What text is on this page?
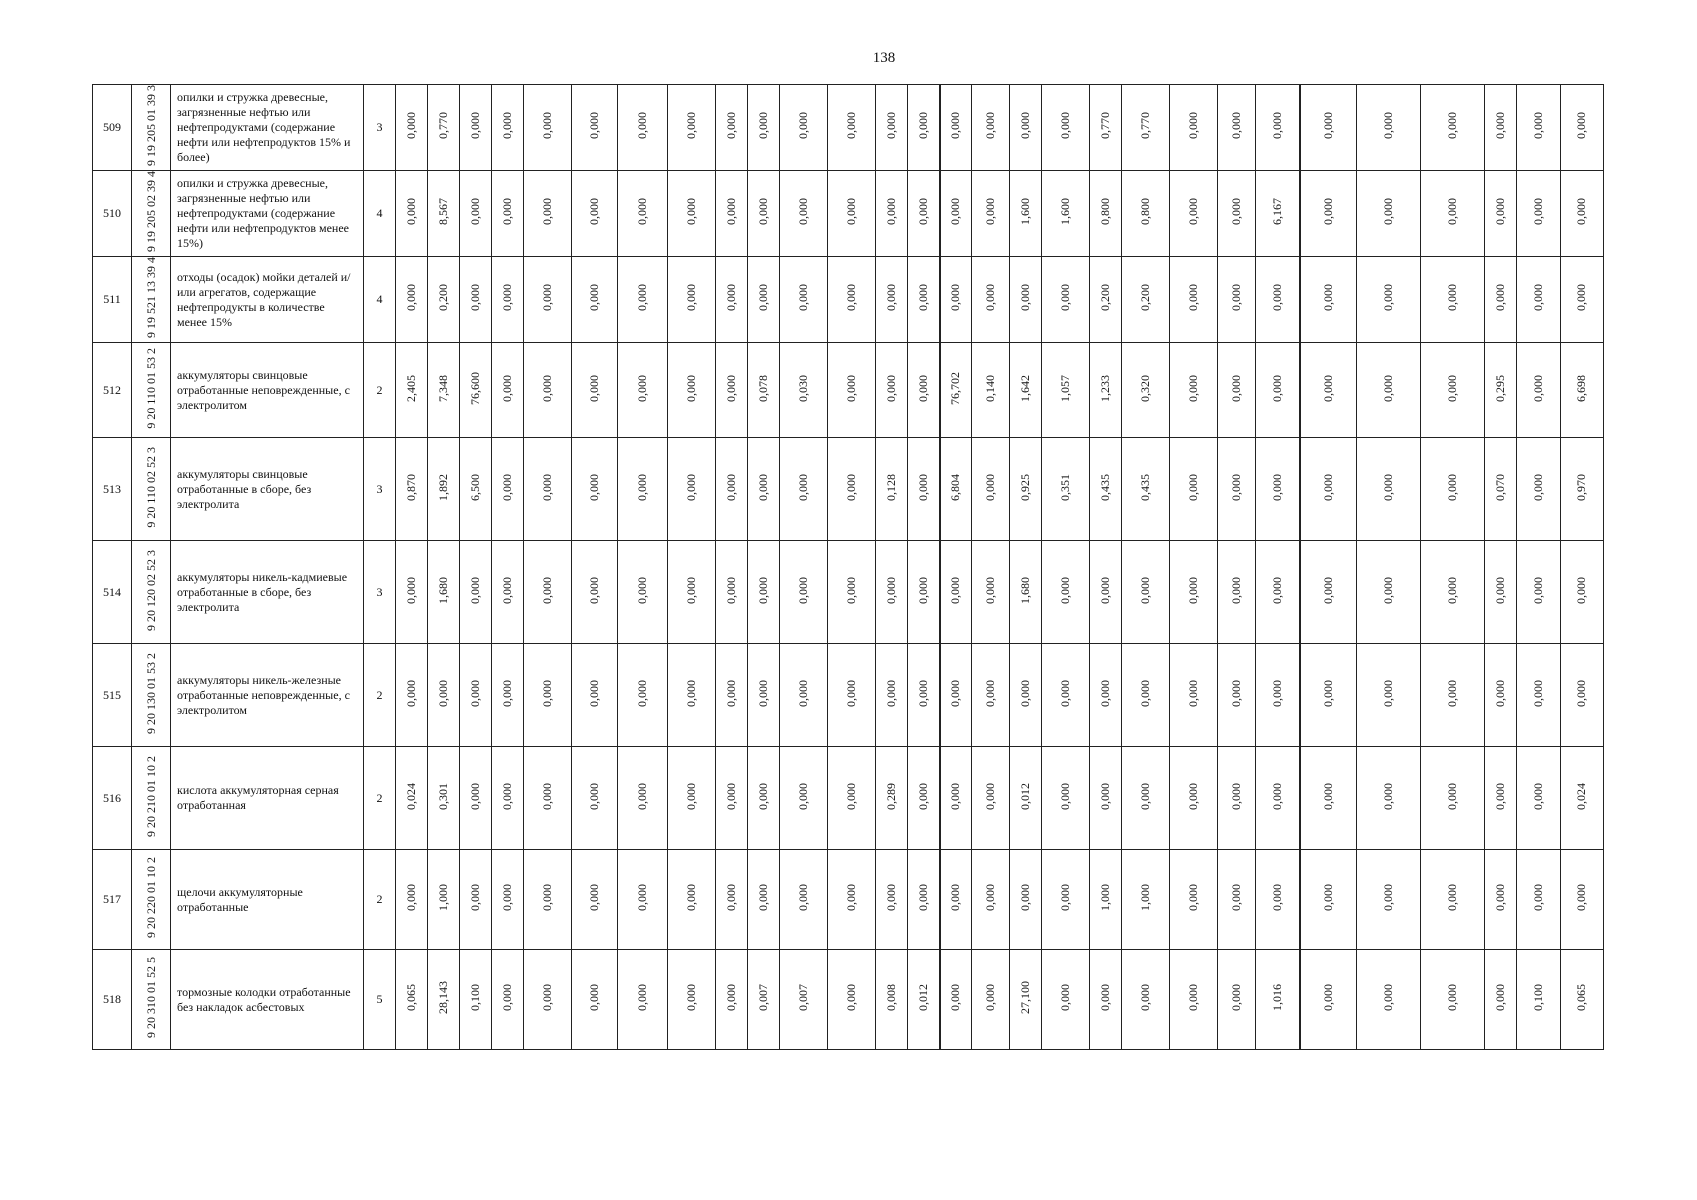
138
509	9 19 205 01 39 3	опилки и стружка древесные, загрязненные нефтью или нефтепродуктами (содержание нефти или нефтепродуктов 15% и более)	3	0,000	0,770	0,000	0,000	0,000	0,000	0,000	0,000	0,000	0,000	0,000	0,000	0,000	0,000	0,000	0,000	0,000	0,000	0,770	0,770	0,000	0,000	0,000	0,000	0,000	0,000	0,000	0,000	0,000
510	9 19 205 02 39 4	опилки и стружка древесные, загрязненные нефтью или нефтепродуктами (содержание нефти или нефтепродуктов менее 15%)	4	0,000	8,567	0,000	0,000	0,000	0,000	0,000	0,000	0,000	0,000	0,000	0,000	0,000	0,000	0,000	0,000	1,600	1,600	0,800	0,800	0,000	0,000	6,167	0,000	0,000	0,000	0,000	0,000	0,000
511	9 19 521 13 39 4	отходы (осадок) мойки деталей и/или агрегатов, содержащие нефтепродукты в количестве менее 15%	4	0,000	0,200	0,000	0,000	0,000	0,000	0,000	0,000	0,000	0,000	0,000	0,000	0,000	0,000	0,000	0,000	0,000	0,000	0,200	0,200	0,000	0,000	0,000	0,000	0,000	0,000	0,000	0,000	0,000
512	9 20 110 01 53 2	аккумуляторы свинцовые отработанные неповрежденные, с электролитом	2	2,405	7,348	76,600	0,000	0,000	0,000	0,000	0,000	0,000	0,078	0,030	0,000	0,000	0,000	76,702	0,140	1,642	1,057	1,233	0,320	0,000	0,000	0,000	0,000	0,000	0,000	0,295	0,000	6,698
513	9 20 110 02 52 3	аккумуляторы свинцовые отработанные в сборе, без электролита	3	0,870	1,892	6,500	0,000	0,000	0,000	0,000	0,000	0,000	0,000	0,000	0,000	0,128	0,000	6,804	0,000	0,925	0,351	0,435	0,435	0,000	0,000	0,000	0,000	0,000	0,000	0,070	0,000	0,970
514	9 20 120 02 52 3	аккумуляторы никель-кадмиевые отработанные в сборе, без электролита	3	0,000	1,680	0,000	0,000	0,000	0,000	0,000	0,000	0,000	0,000	0,000	0,000	0,000	0,000	0,000	0,000	1,680	0,000	0,000	0,000	0,000	0,000	0,000	0,000	0,000	0,000	0,000	0,000	0,000
515	9 20 130 01 53 2	аккумуляторы никель-железные отработанные неповрежденные, с электролитом	2	0,000	0,000	0,000	0,000	0,000	0,000	0,000	0,000	0,000	0,000	0,000	0,000	0,000	0,000	0,000	0,000	0,000	0,000	0,000	0,000	0,000	0,000	0,000	0,000	0,000	0,000	0,000	0,000	0,000
516	9 20 210 01 10 2	кислота аккумуляторная серная отработанная	2	0,024	0,301	0,000	0,000	0,000	0,000	0,000	0,000	0,000	0,000	0,000	0,000	0,289	0,000	0,000	0,000	0,012	0,000	0,000	0,000	0,000	0,000	0,000	0,000	0,000	0,000	0,000	0,000	0,024
517	9 20 220 01 10 2	щелочи аккумуляторные отработанные	2	0,000	1,000	0,000	0,000	0,000	0,000	0,000	0,000	0,000	0,000	0,000	0,000	0,000	0,000	0,000	0,000	0,000	0,000	1,000	1,000	0,000	0,000	0,000	0,000	0,000	0,000	0,000	0,000	0,000
518	9 20 310 01 52 5	тормозные колодки отработанные без накладок асбестовых	5	0,065	28,143	0,100	0,000	0,000	0,000	0,000	0,000	0,000	0,007	0,007	0,000	0,008	0,012	0,000	0,000	27,100	0,000	0,000	0,000	0,000	0,000	1,016	0,000	0,000	0,000	0,000	0,100	0,065
